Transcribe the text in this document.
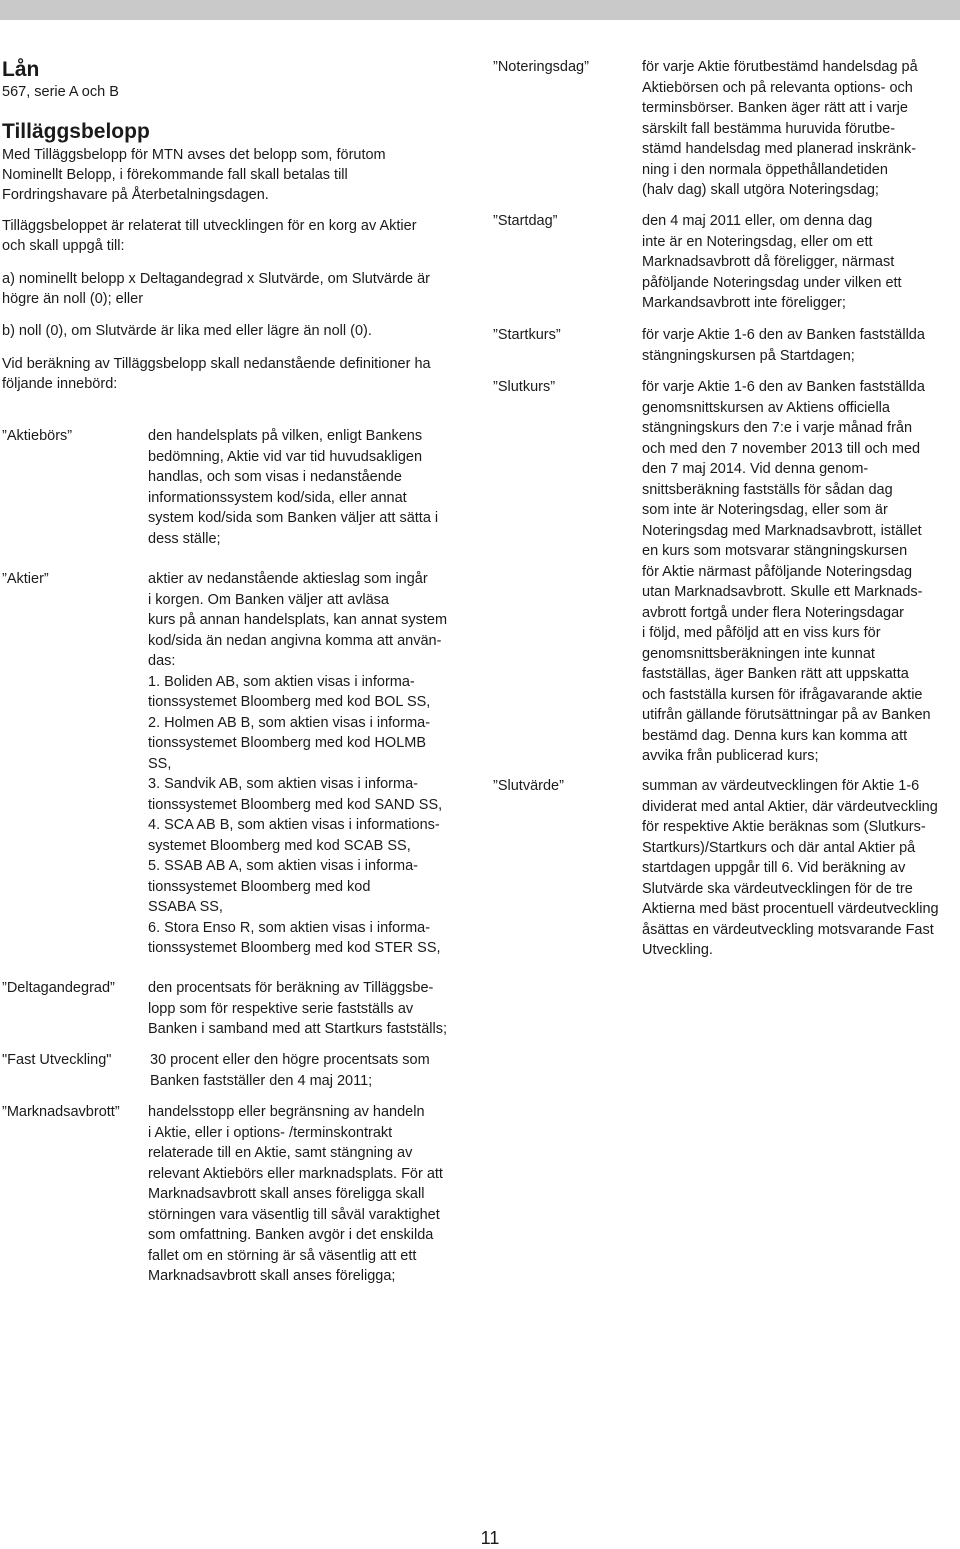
Lån

567, serie A och B

Tilläggsbelopp

Med Tilläggsbelopp för MTN avses det belopp som, förutom
Nominellt Belopp, i förekommande fall skall betalas till
Fordringshavare på Återbetalningsdagen.

Tilläggsbeloppet är relaterat till utvecklingen för en korg av Aktier
och skall uppgå till:

a) nominellt belopp x Deltagandegrad x Slutvärde, om Slutvärde är
högre än noll (0); eller

b) noll (0), om Slutvärde är lika med eller lägre än noll (0).

Vid beräkning av Tilläggsbelopp skall nedanstående definitioner ha
följande innebörd:

”Aktiebörs”	den handelsplats på vilken, enligt Bankens
bedömning, Aktie vid var tid huvudsakligen
handlas, och som visas i nedanstående
informationssystem kod/sida, eller annat
system kod/sida som Banken väljer att sätta i
dess ställe;
”Aktier”	aktier av nedanstående aktieslag som ingår
i korgen. Om Banken väljer att avläsa
kurs på annan handelsplats, kan annat system
kod/sida än nedan angivna komma att använ-
das:
1. Boliden AB, som aktien visas i informa-
tionssystemet Bloomberg med kod BOL SS,
2. Holmen AB B, som aktien visas i informa-
tionssystemet Bloomberg med kod HOLMB
SS,
3. Sandvik AB, som aktien visas i informa-
tionssystemet Bloomberg med kod SAND SS,
4. SCA AB B, som aktien visas i informations-
systemet Bloomberg med kod SCAB SS,
5. SSAB AB A, som aktien visas i informa-
tionssystemet Bloomberg med kod
SSABA SS,
6. Stora Enso R, som aktien visas i informa-
tionssystemet Bloomberg med kod STER SS,
”Deltagandegrad” den procentsats för beräkning av Tilläggsbe-
lopp som för respektive serie fastställs av
Banken i samband med att Startkurs fastställs;
"Fast Utveckling"	30 procent eller den högre procentsats som
Banken fastställer den 4 maj 2011;
”Marknadsavbrott” handelsstopp eller begränsning av handeln
i Aktie, eller i options- /terminskontrakt
relaterade till en Aktie, samt stängning av
relevant Aktiebörs eller marknadsplats. För att
Marknadsavbrott skall anses föreligga skall
störningen vara väsentlig till såväl varaktighet
som omfattning. Banken avgör i det enskilda
fallet om en störning är så väsentlig att ett
Marknadsavbrott skall anses föreligga;
”Noteringsdag”	för varje Aktie förutbestämd handelsdag på
Aktiebörsen och på relevanta options- och
terminsbörser. Banken äger rätt att i varje
särskilt fall bestämma huruvida förutbe-
stämd handelsdag med planerad inskränk-
ning i den normala öppethållandetiden
(halv dag) skall utgöra Noteringsdag;
”Startdag”	den 4 maj 2011 eller, om denna dag
inte är en Noteringsdag, eller om ett
Marknadsavbrott då föreligger, närmast
påföljande Noteringsdag under vilken ett
Markandsavbrott inte föreligger;
”Startkurs”	för varje Aktie 1-6 den av Banken fastställda
stängningskursen på Startdagen;
”Slutkurs”	för varje Aktie 1-6 den av Banken fastställda
genomsnittskursen av Aktiens officiella
stängningskurs den 7:e i varje månad från
och med den 7 november 2013 till och med
den 7 maj 2014. Vid denna genom-
snittsberäkning fastställs för sådan dag
som inte är Noteringsdag, eller som är
Noteringsdag med Marknadsavbrott, istället
en kurs som motsvarar stängningskursen
för Aktie närmast påföljande Noteringsdag
utan Marknadsavbrott. Skulle ett Marknads-
avbrott fortgå under flera Noteringsdagar
i följd, med påföljd att en viss kurs för
genomsnittsberäkningen inte kunnat
fastställas, äger Banken rätt att uppskatta
och fastställa kursen för ifrågavarande aktie
utifrån gällande förutsättningar på av Banken
bestämd dag. Denna kurs kan komma att
avvika från publicerad kurs;
”Slutvärde”	summan av värdeutvecklingen för Aktie 1-6
dividerat med antal Aktier, där värdeutveckling
för respektive Aktie beräknas som (Slutkurs-
Startkurs)/Startkurs och där antal Aktier på
startdagen uppgår till 6. Vid beräkning av
Slutvärde ska värdeutvecklingen för de tre
Aktierna med bäst procentuell värdeutveckling
åsättas en värdeutveckling motsvarande Fast
Utveckling.
11
